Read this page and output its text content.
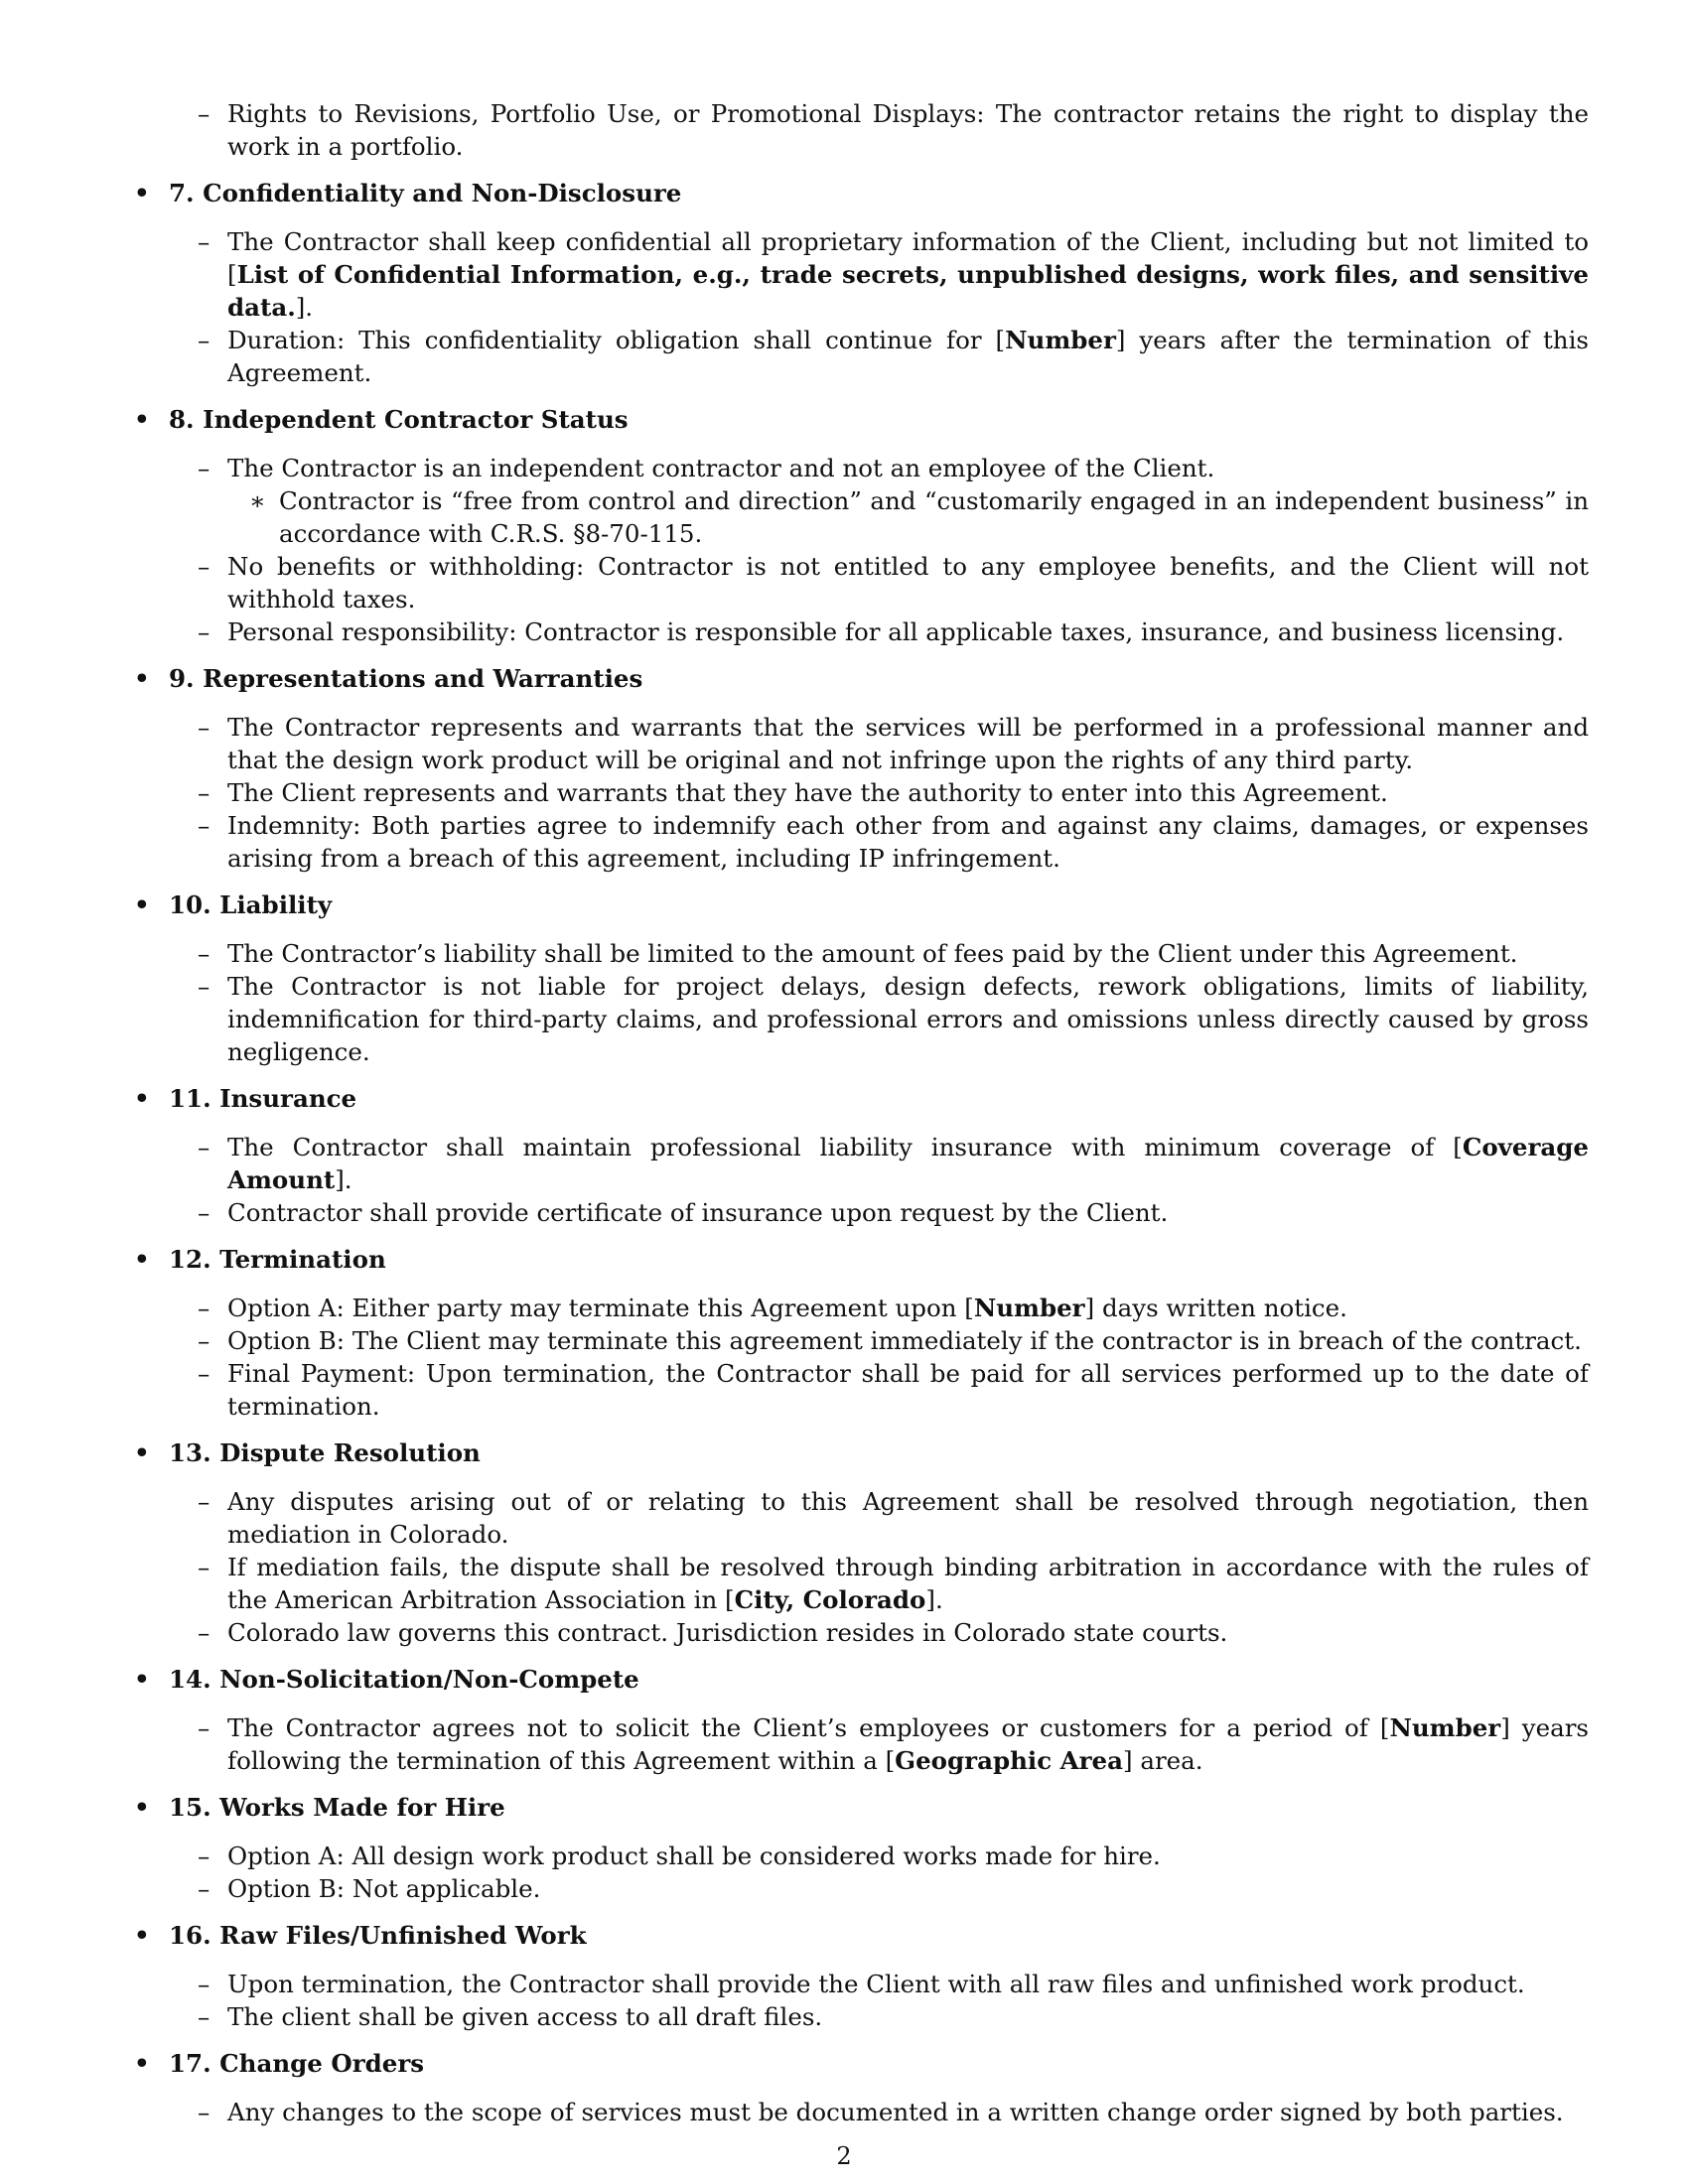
– Rights to Revisions, Portfolio Use, or Promotional Displays: The contractor retains the right to display the work in a portfolio.
• 7. Confidentiality and Non-Disclosure
– The Contractor shall keep confidential all proprietary information of the Client, including but not limited to [List of Confidential Information, e.g., trade secrets, unpublished designs, work files, and sensitive data.].
– Duration: This confidentiality obligation shall continue for [Number] years after the termination of this Agreement.
• 8. Independent Contractor Status
– The Contractor is an independent contractor and not an employee of the Client.
∗ Contractor is “free from control and direction” and “customarily engaged in an independent business” in accordance with C.R.S. §8-70-115.
– No benefits or withholding: Contractor is not entitled to any employee benefits, and the Client will not withhold taxes.
– Personal responsibility: Contractor is responsible for all applicable taxes, insurance, and business licensing.
• 9. Representations and Warranties
– The Contractor represents and warrants that the services will be performed in a professional manner and that the design work product will be original and not infringe upon the rights of any third party.
– The Client represents and warrants that they have the authority to enter into this Agreement.
– Indemnity: Both parties agree to indemnify each other from and against any claims, damages, or expenses arising from a breach of this agreement, including IP infringement.
• 10. Liability
– The Contractor’s liability shall be limited to the amount of fees paid by the Client under this Agreement.
– The Contractor is not liable for project delays, design defects, rework obligations, limits of liability, indemnification for third-party claims, and professional errors and omissions unless directly caused by gross negligence.
• 11. Insurance
– The Contractor shall maintain professional liability insurance with minimum coverage of [Coverage Amount].
– Contractor shall provide certificate of insurance upon request by the Client.
• 12. Termination
– Option A: Either party may terminate this Agreement upon [Number] days written notice.
– Option B: The Client may terminate this agreement immediately if the contractor is in breach of the contract.
– Final Payment: Upon termination, the Contractor shall be paid for all services performed up to the date of termination.
• 13. Dispute Resolution
– Any disputes arising out of or relating to this Agreement shall be resolved through negotiation, then mediation in Colorado.
– If mediation fails, the dispute shall be resolved through binding arbitration in accordance with the rules of the American Arbitration Association in [City, Colorado].
– Colorado law governs this contract. Jurisdiction resides in Colorado state courts.
• 14. Non-Solicitation/Non-Compete
– The Contractor agrees not to solicit the Client’s employees or customers for a period of [Number] years following the termination of this Agreement within a [Geographic Area] area.
• 15. Works Made for Hire
– Option A: All design work product shall be considered works made for hire.
– Option B: Not applicable.
• 16. Raw Files/Unfinished Work
– Upon termination, the Contractor shall provide the Client with all raw files and unfinished work product.
– The client shall be given access to all draft files.
• 17. Change Orders
– Any changes to the scope of services must be documented in a written change order signed by both parties.
2
